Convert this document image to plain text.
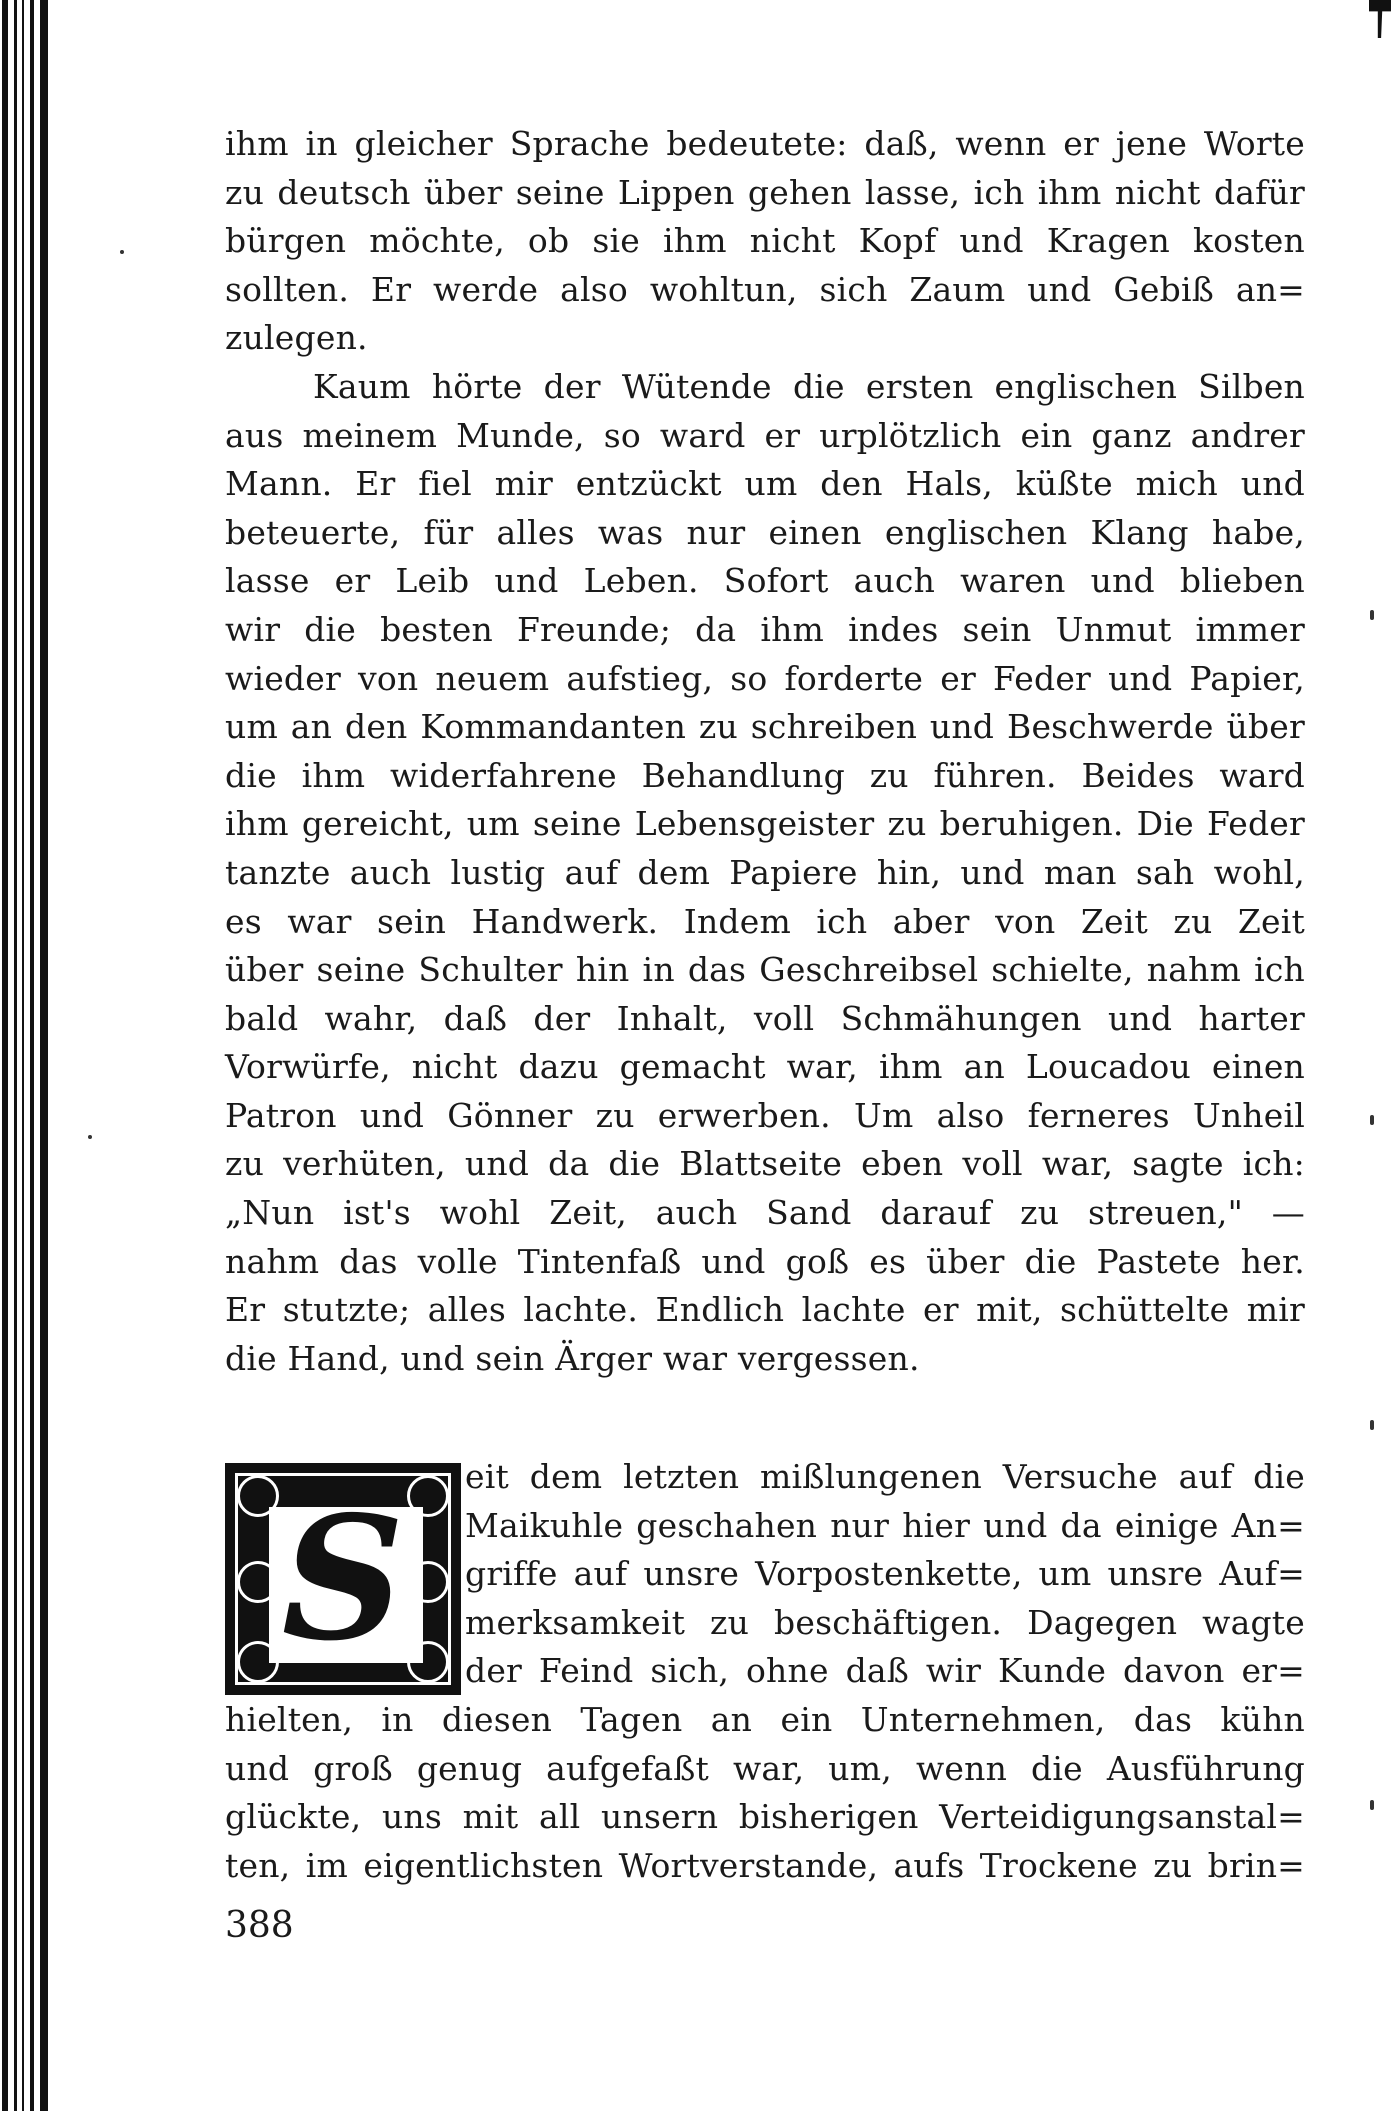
ihm in gleicher Sprache bedeutete: daß, wenn er jene Worte
zu deutsch über seine Lippen gehen lasse, ich ihm nicht dafür
bürgen möchte, ob sie ihm nicht Kopf und Kragen kosten
sollten. Er werde also wohltun, sich Zaum und Gebiß an=
zulegen.
Kaum hörte der Wütende die ersten englischen Silben
aus meinem Munde, so ward er urplötzlich ein ganz andrer
Mann. Er fiel mir entzückt um den Hals, küßte mich und
beteuerte, für alles was nur einen englischen Klang habe,
lasse er Leib und Leben. Sofort auch waren und blieben
wir die besten Freunde; da ihm indes sein Unmut immer
wieder von neuem aufstieg, so forderte er Feder und Papier,
um an den Kommandanten zu schreiben und Beschwerde über
die ihm widerfahrene Behandlung zu führen. Beides ward
ihm gereicht, um seine Lebensgeister zu beruhigen. Die Feder
tanzte auch lustig auf dem Papiere hin, und man sah wohl,
es war sein Handwerk. Indem ich aber von Zeit zu Zeit
über seine Schulter hin in das Geschreibsel schielte, nahm ich
bald wahr, daß der Inhalt, voll Schmähungen und harter
Vorwürfe, nicht dazu gemacht war, ihm an Loucadou einen
Patron und Gönner zu erwerben. Um also ferneres Unheil
zu verhüten, und da die Blattseite eben voll war, sagte ich:
„Nun ist's wohl Zeit, auch Sand darauf zu streuen," —
nahm das volle Tintenfaß und goß es über die Pastete her.
Er stutzte; alles lachte. Endlich lachte er mit, schüttelte mir
die Hand, und sein Ärger war vergessen.
S
eit dem letzten mißlungenen Versuche auf die
Maikuhle geschahen nur hier und da einige An=
griffe auf unsre Vorpostenkette, um unsre Auf=
merksamkeit zu beschäftigen. Dagegen wagte
der Feind sich, ohne daß wir Kunde davon er=
hielten, in diesen Tagen an ein Unternehmen, das kühn
und groß genug aufgefaßt war, um, wenn die Ausführung
glückte, uns mit all unsern bisherigen Verteidigungsanstal=
ten, im eigentlichsten Wortverstande, aufs Trockene zu brin=
388
